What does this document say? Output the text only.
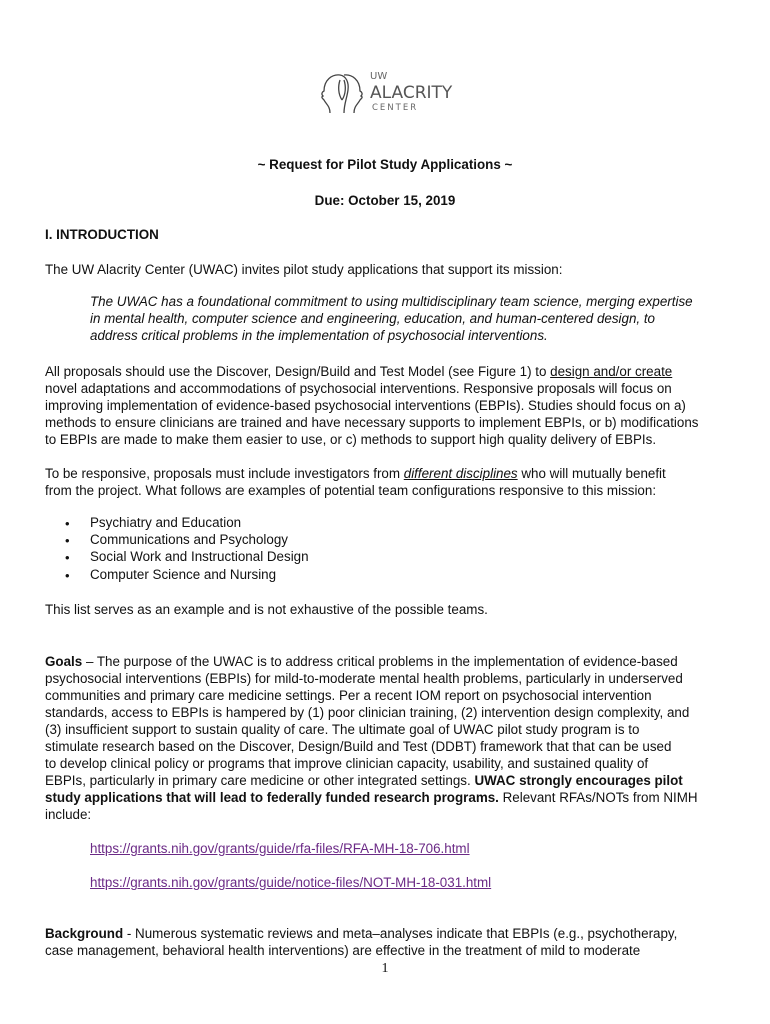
UW
ALACRITY
CENTER
~ Request for Pilot Study Applications ~
Due: October 15, 2019
I. INTRODUCTION
The UW Alacrity Center (UWAC) invites pilot study applications that support its mission:
The UWAC has a foundational commitment to using multidisciplinary team science, merging expertise
in mental health, computer science and engineering, education, and human-centered design, to
address critical problems in the implementation of psychosocial interventions.
All proposals should use the Discover, Design/Build and Test Model (see Figure 1) to design and/or create
novel adaptations and accommodations of psychosocial interventions. Responsive proposals will focus on
improving implementation of evidence-based psychosocial interventions (EBPIs). Studies should focus on a)
methods to ensure clinicians are trained and have necessary supports to implement EBPIs, or b) modifications
to EBPIs are made to make them easier to use, or c) methods to support high quality delivery of EBPIs.
To be responsive, proposals must include investigators from different disciplines who will mutually benefit
from the project. What follows are examples of potential team configurations responsive to this mission:
• Psychiatry and Education
• Communications and Psychology
• Social Work and Instructional Design
• Computer Science and Nursing
This list serves as an example and is not exhaustive of the possible teams.
Goals – The purpose of the UWAC is to address critical problems in the implementation of evidence-based
psychosocial interventions (EBPIs) for mild-to-moderate mental health problems, particularly in underserved
communities and primary care medicine settings. Per a recent IOM report on psychosocial intervention
standards, access to EBPIs is hampered by (1) poor clinician training, (2) intervention design complexity, and
(3) insufficient support to sustain quality of care. The ultimate goal of UWAC pilot study program is to
stimulate research based on the Discover, Design/Build and Test (DDBT) framework that that can be used
to develop clinical policy or programs that improve clinician capacity, usability, and sustained quality of
EBPIs, particularly in primary care medicine or other integrated settings. UWAC strongly encourages pilot
study applications that will lead to federally funded research programs. Relevant RFAs/NOTs from NIMH
include:
https://grants.nih.gov/grants/guide/rfa-files/RFA-MH-18-706.html
https://grants.nih.gov/grants/guide/notice-files/NOT-MH-18-031.html
Background - Numerous systematic reviews and meta–analyses indicate that EBPIs (e.g., psychotherapy,
case management, behavioral health interventions) are effective in the treatment of mild to moderate
1
